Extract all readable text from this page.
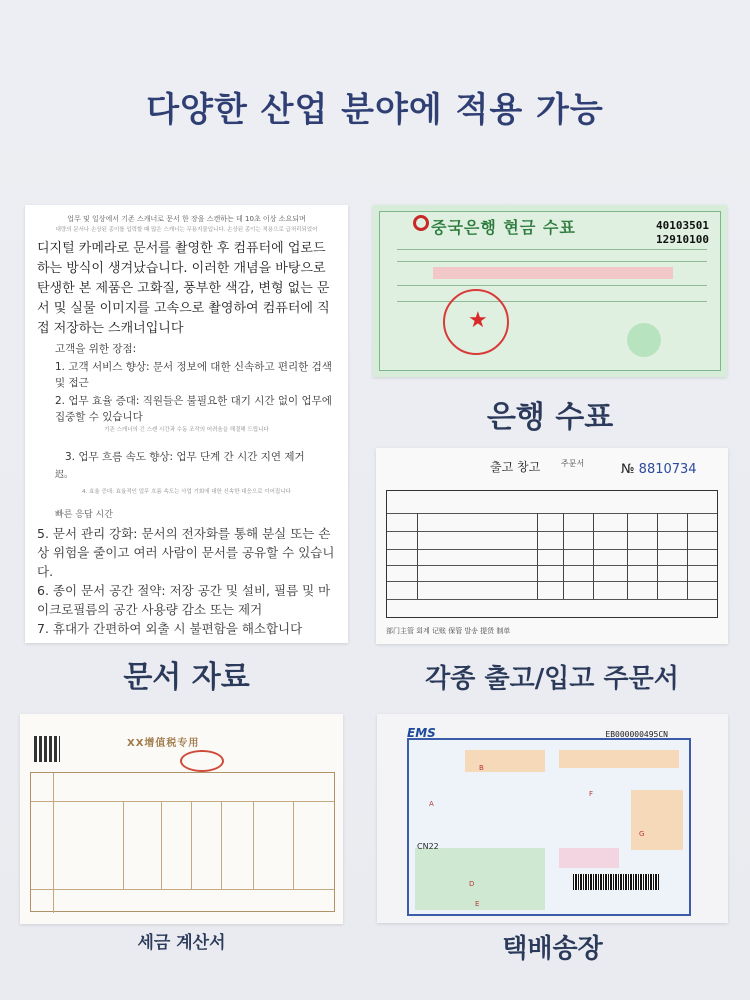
다양한 산업 분야에 적용 가능
업무 및 일상에서 기존 스캐너로 문서 한 장을 스캔하는 데 10초 이상 소요되며
대량의 문서나 손상된 종이를 입력할 때 많은 스캐너는 무용지물입니다. 손상된 종이는 적용으로 급처리되었어
디지털 카메라로 문서를 촬영한 후 컴퓨터에 업로드하는 방식이 생겨났습니다. 이러한 개념을 바탕으로 탄생한 본 제품은 고화질, 풍부한 색감, 변형 없는 문서 및 실물 이미지를 고속으로 촬영하여 컴퓨터에 직접 저장하는 스캐너입니다
고객을 위한 장점:
1. 고객 서비스 향상: 문서 정보에 대한 신속하고 편리한 검색 및 접근
2. 업무 효율 증대: 직원들은 불필요한 대기 시간 없이 업무에 집중할 수 있습니다
기존 스캐너의 긴 스캔 시간과 수동 조작의 어려움을 해결해 드립니다
3. 업무 흐름 속도 향상: 업무 단계 간 시간 지연 제거
迟。
4. 효율 증대: 효율적인 업무 흐름 속도는 사업 기회에 대한 신속한 대응으로 이어집니다
빠른 응답 시간
5. 문서 관리 강화: 문서의 전자화를 통해 분실 또는 손상 위험을 줄이고 여러 사람이 문서를 공유할 수 있습니다.
6. 종이 문서 공간 절약: 저장 공간 및 설비, 필름 및 마이크로필름의 공간 사용량 감소 또는 제거
7. 휴대가 간편하여 외출 시 불편함을 해소합니다
문서 자료
중국은행 현금 수표	40103501
12910100
★
은행 수표
출고 창고	주문서	№ 8810734
部门主管 회계 记账 保管 발송 提货 制单
각종 출고/입고 주문서
XX增值税专用
세금 계산서
B
A
F
G
D
E
EMS	EB000000495CN
CN22
택배송장
